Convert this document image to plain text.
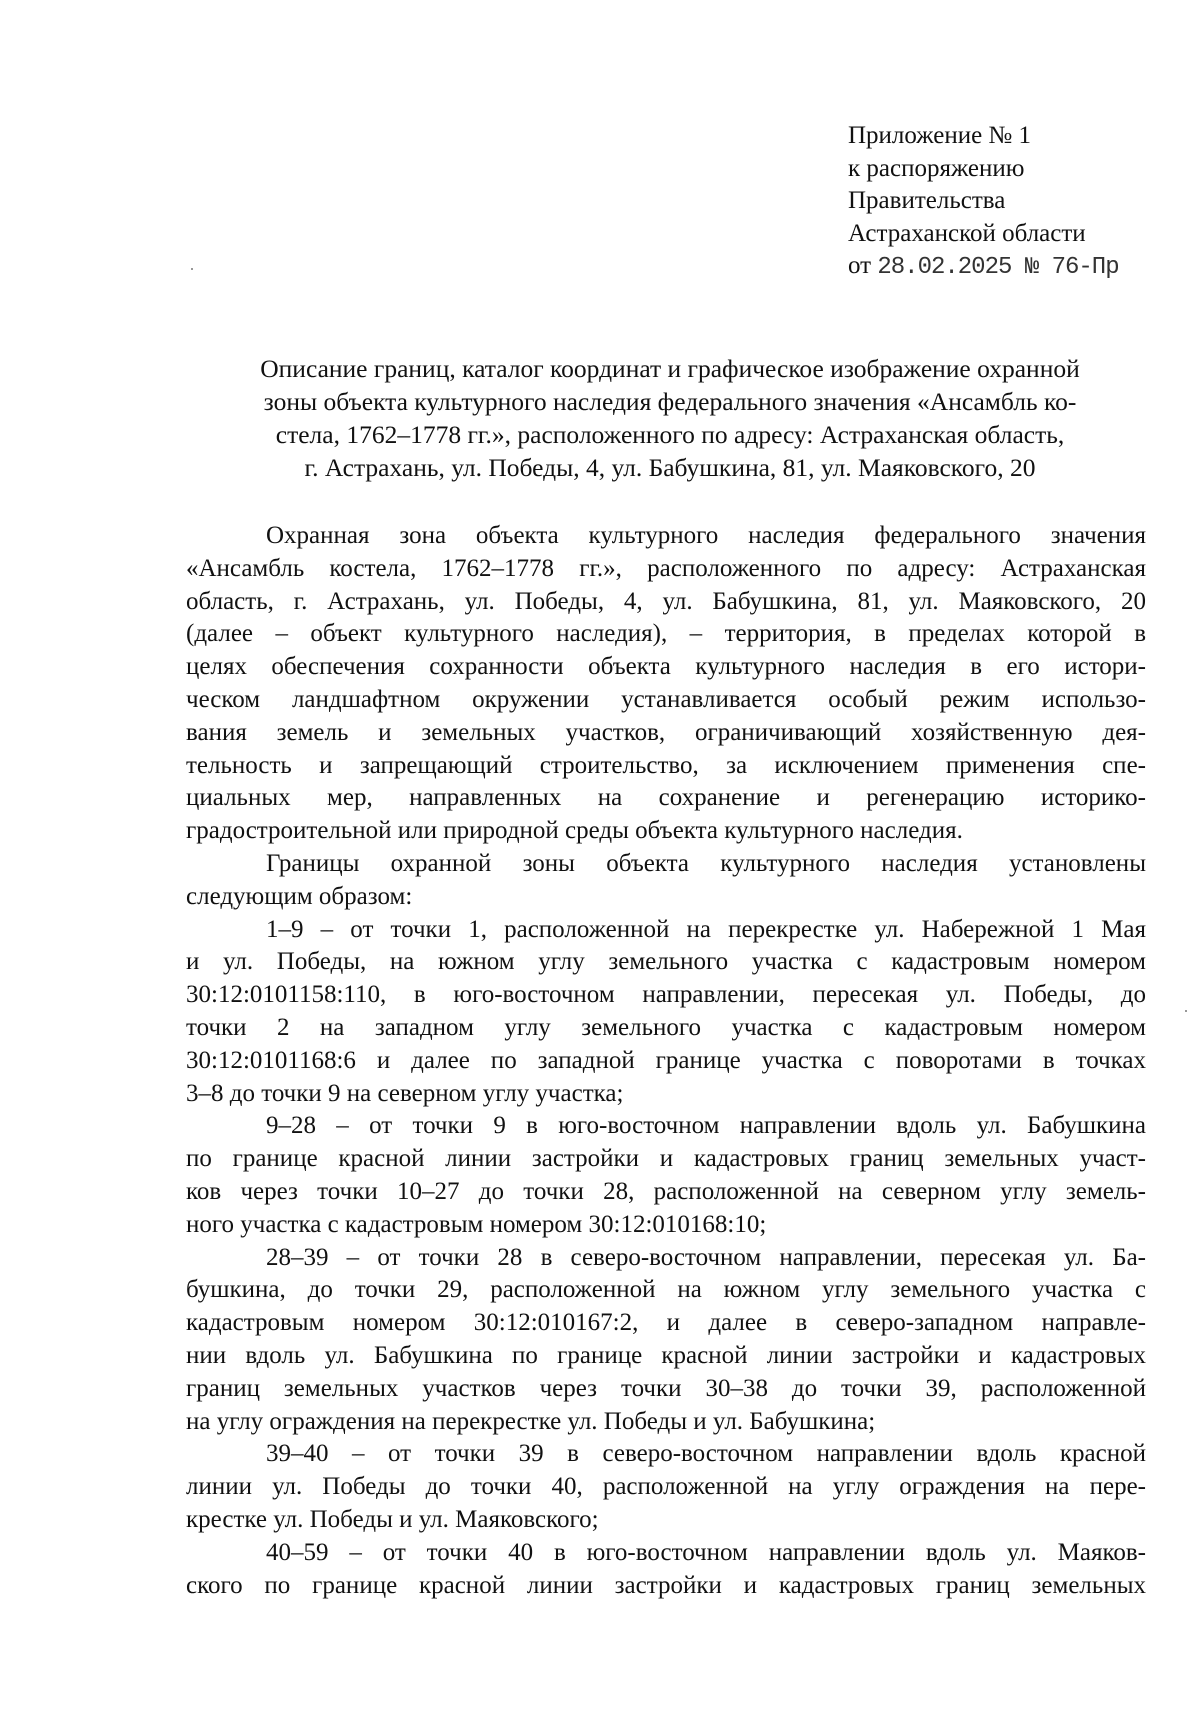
Приложение № 1
к распоряжению
Правительства
Астраханской области
от 28.02.2025 № 76-Пр
Описание границ, каталог координат и графическое изображение охранной
зоны объекта культурного наследия федерального значения «Ансамбль ко-
стела, 1762–1778 гг.», расположенного по адресу: Астраханская область,
г. Астрахань, ул. Победы, 4, ул. Бабушкина, 81, ул. Маяковского, 20
Охранная зона объекта культурного наследия федерального значения
«Ансамбль костела, 1762–1778 гг.», расположенного по адресу: Астраханская
область, г. Астрахань, ул. Победы, 4, ул. Бабушкина, 81, ул. Маяковского, 20
(далее – объект культурного наследия), – территория, в пределах которой в
целях обеспечения сохранности объекта культурного наследия в его истори-
ческом ландшафтном окружении устанавливается особый режим использо-
вания земель и земельных участков, ограничивающий хозяйственную дея-
тельность и запрещающий строительство, за исключением применения спе-
циальных мер, направленных на сохранение и регенерацию историко-
градостроительной или природной среды объекта культурного наследия.
Границы охранной зоны объекта культурного наследия установлены
следующим образом:
1–9 – от точки 1, расположенной на перекрестке ул. Набережной 1 Мая
и ул. Победы, на южном углу земельного участка с кадастровым номером
30:12:0101158:110, в юго-восточном направлении, пересекая ул. Победы, до
точки 2 на западном углу земельного участка с кадастровым номером
30:12:0101168:6 и далее по западной границе участка с поворотами в точках
3–8 до точки 9 на северном углу участка;
9–28 – от точки 9 в юго-восточном направлении вдоль ул. Бабушкина
по границе красной линии застройки и кадастровых границ земельных участ-
ков через точки 10–27 до точки 28, расположенной на северном углу земель-
ного участка с кадастровым номером 30:12:010168:10;
28–39 – от точки 28 в северо-восточном направлении, пересекая ул. Ба-
бушкина, до точки 29, расположенной на южном углу земельного участка с
кадастровым номером 30:12:010167:2, и далее в северо-западном направле-
нии вдоль ул. Бабушкина по границе красной линии застройки и кадастровых
границ земельных участков через точки 30–38 до точки 39, расположенной
на углу ограждения на перекрестке ул. Победы и ул. Бабушкина;
39–40 – от точки 39 в северо-восточном направлении вдоль красной
линии ул. Победы до точки 40, расположенной на углу ограждения на пере-
крестке ул. Победы и ул. Маяковского;
40–59 – от точки 40 в юго-восточном направлении вдоль ул. Маяков-
ского по границе красной линии застройки и кадастровых границ земельных
